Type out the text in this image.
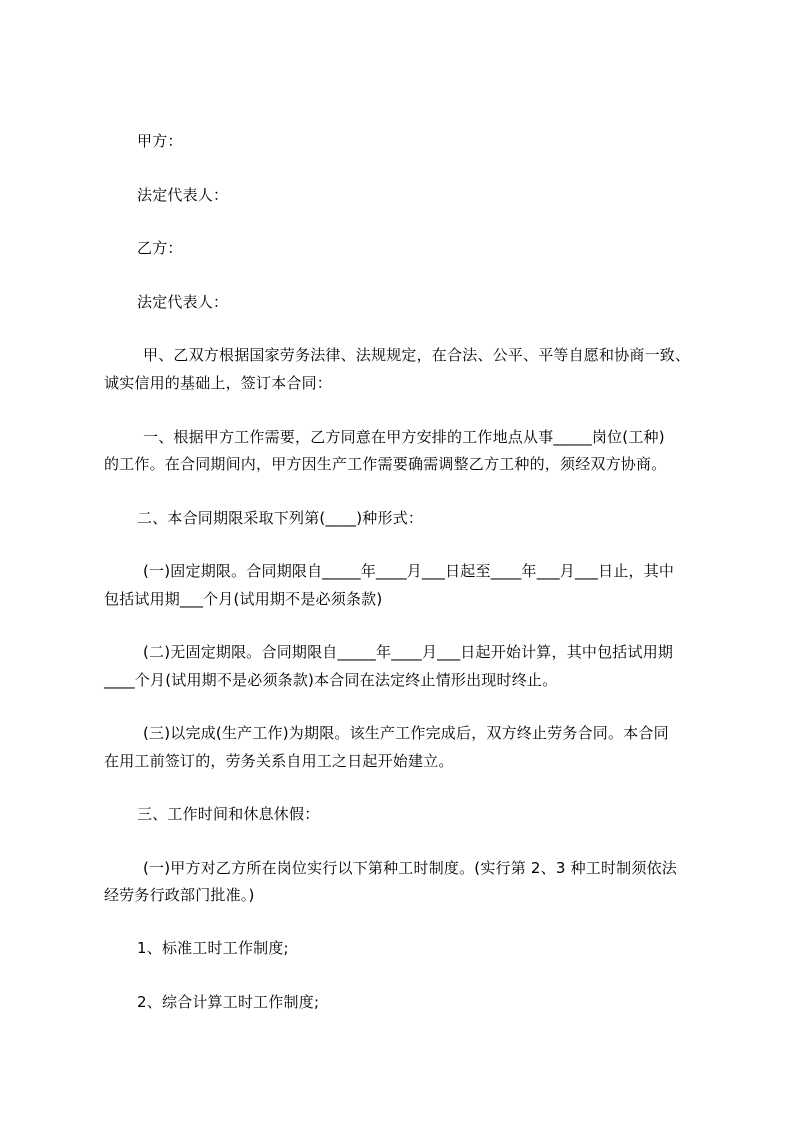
甲方：

法定代表人：

乙方：

法定代表人：

甲、乙双方根据国家劳务法律、法规规定，在合法、公平、平等自愿和协商一致、

诚实信用的基础上，签订本合同：

一、根据甲方工作需要，乙方同意在甲方安排的工作地点从事_____岗位(工种)

的工作。在合同期间内，甲方因生产工作需要确需调整乙方工种的，须经双方协商。

二、本合同期限采取下列第(____)种形式：

(一)固定期限。合同期限自_____年____月___日起至____年___月___日止，其中

包括试用期___个月(试用期不是必须条款)

(二)无固定期限。合同期限自_____年____月___日起开始计算，其中包括试用期

____个月(试用期不是必须条款)本合同在法定终止情形出现时终止。

(三)以完成(生产工作)为期限。该生产工作完成后，双方终止劳务合同。本合同

在用工前签订的，劳务关系自用工之日起开始建立。

三、工作时间和休息休假：

(一)甲方对乙方所在岗位实行以下第种工时制度。(实行第 2、3 种工时制须依法

经劳务行政部门批准。)

1、标准工时工作制度;

2、综合计算工时工作制度;
